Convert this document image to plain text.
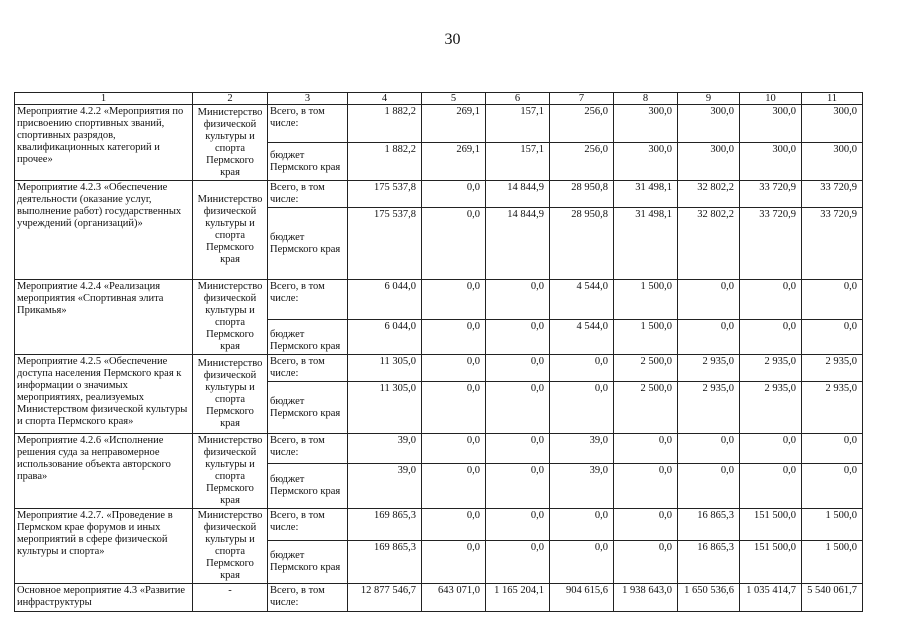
30
1	2	3	4	5	6	7	8	9	10	11
Мероприятие 4.2.2 «Мероприятия по присвоению спортивных званий, спортивных разрядов, квалификационных категорий и прочее»	Министерство физической культуры и спорта Пермского края	Всего, в том числе:	1 882,2	269,1	157,1	256,0	300,0	300,0	300,0	300,0
		бюджет Пермского края	1 882,2	269,1	157,1	256,0	300,0	300,0	300,0	300,0
Мероприятие 4.2.3 «Обеспечение деятельности (оказание услуг, выполнение работ) государственных учреждений (организаций)»	Министерство физической культуры и спорта Пермского края	Всего, в том числе:	175 537,8	0,0	14 844,9	28 950,8	31 498,1	32 802,2	33 720,9	33 720,9
		бюджет Пермского края	175 537,8	0,0	14 844,9	28 950,8	31 498,1	32 802,2	33 720,9	33 720,9
Мероприятие 4.2.4 «Реализация мероприятия «Спортивная элита Прикамья»	Министерство физической культуры и спорта Пермского края	Всего, в том числе:	6 044,0	0,0	0,0	4 544,0	1 500,0	0,0	0,0	0,0
		бюджет Пермского края	6 044,0	0,0	0,0	4 544,0	1 500,0	0,0	0,0	0,0
Мероприятие 4.2.5 «Обеспечение доступа населения Пермского края к информации о значимых мероприятиях, реализуемых Министерством физической культуры и спорта Пермского края»	Министерство физической культуры и спорта Пермского края	Всего, в том числе:	11 305,0	0,0	0,0	0,0	2 500,0	2 935,0	2 935,0	2 935,0
		бюджет Пермского края	11 305,0	0,0	0,0	0,0	2 500,0	2 935,0	2 935,0	2 935,0
Мероприятие 4.2.6 «Исполнение решения суда за неправомерное использование объекта авторского права»	Министерство физической культуры и спорта Пермского края	Всего, в том числе:	39,0	0,0	0,0	39,0	0,0	0,0	0,0	0,0
		бюджет Пермского края	39,0	0,0	0,0	39,0	0,0	0,0	0,0	0,0
Мероприятие 4.2.7. «Проведение в Пермском крае форумов и иных мероприятий в сфере физической культуры и спорта»	Министерство физической культуры и спорта Пермского края	Всего, в том числе:	169 865,3	0,0	0,0	0,0	0,0	16 865,3	151 500,0	1 500,0
		бюджет Пермского края	169 865,3	0,0	0,0	0,0	0,0	16 865,3	151 500,0	1 500,0
Основное мероприятие 4.3 «Развитие инфраструктуры	-	Всего, в том числе:	12 877 546,7	643 071,0	1 165 204,1	904 615,6	1 938 643,0	1 650 536,6	1 035 414,7	5 540 061,7
